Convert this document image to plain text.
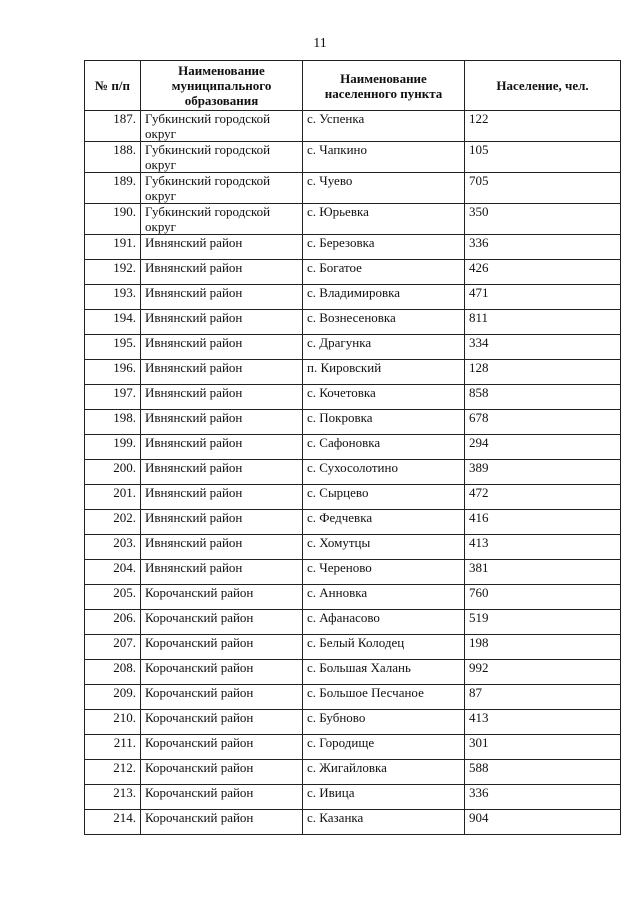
11
№ п/п	Наименование муниципального образования	Наименование населенного пункта	Население, чел.
187.	Губкинский городской округ	с. Успенка	122
188.	Губкинский городской округ	с. Чапкино	105
189.	Губкинский городской округ	с. Чуево	705
190.	Губкинский городской округ	с. Юрьевка	350
191.	Ивнянский район	с. Березовка	336
192.	Ивнянский район	с. Богатое	426
193.	Ивнянский район	с. Владимировка	471
194.	Ивнянский район	с. Вознесеновка	811
195.	Ивнянский район	с. Драгунка	334
196.	Ивнянский район	п. Кировский	128
197.	Ивнянский район	с. Кочетовка	858
198.	Ивнянский район	с. Покровка	678
199.	Ивнянский район	с. Сафоновка	294
200.	Ивнянский район	с. Сухосолотино	389
201.	Ивнянский район	с. Сырцево	472
202.	Ивнянский район	с. Федчевка	416
203.	Ивнянский район	с. Хомутцы	413
204.	Ивнянский район	с. Череново	381
205.	Корочанский район	с. Анновка	760
206.	Корочанский район	с. Афанасово	519
207.	Корочанский район	с. Белый Колодец	198
208.	Корочанский район	с. Большая Халань	992
209.	Корочанский район	с. Большое Песчаное	87
210.	Корочанский район	с. Бубново	413
211.	Корочанский район	с. Городище	301
212.	Корочанский район	с. Жигайловка	588
213.	Корочанский район	с. Ивица	336
214.	Корочанский район	с. Казанка	904
